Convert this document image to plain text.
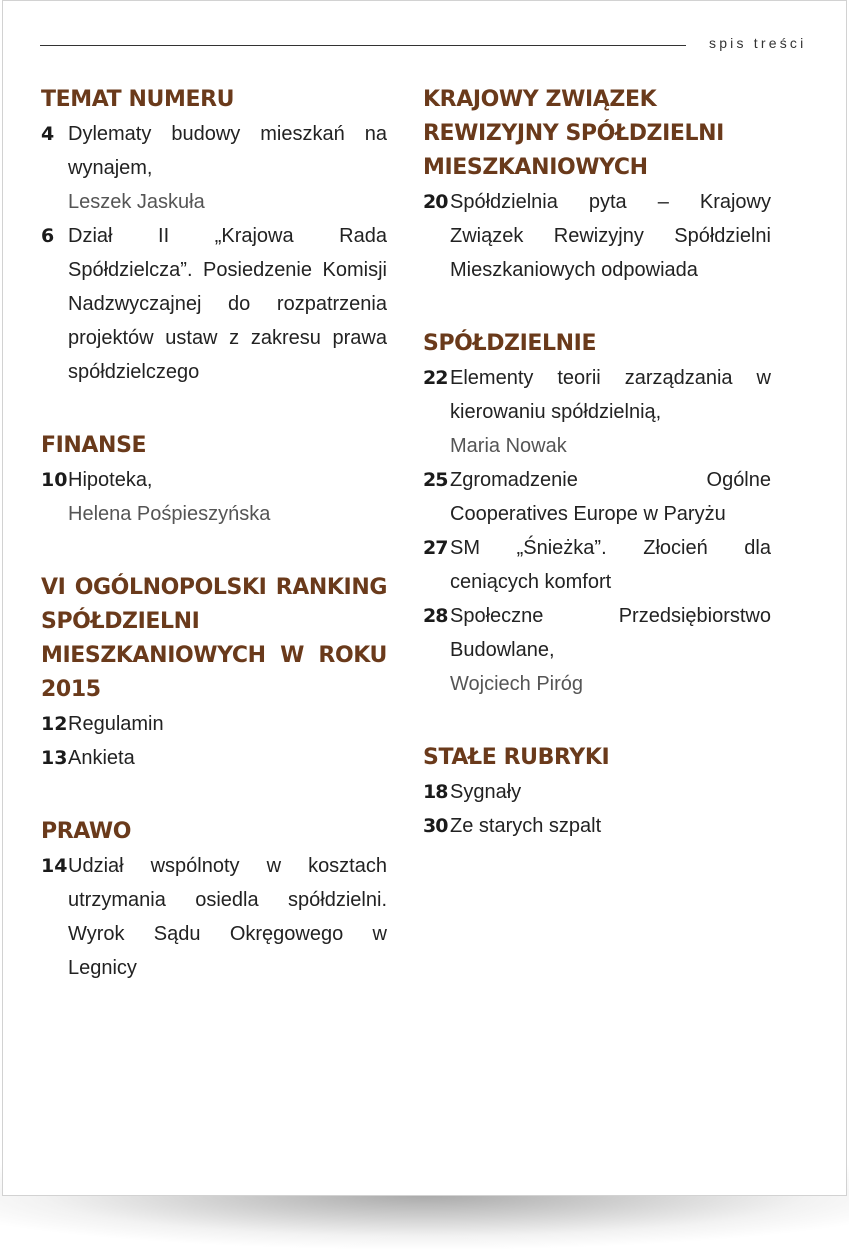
spis treści
TEMAT NUMERU
4 Dylematy budowy mieszkań na wynajem,
Leszek Jaskuła
6 Dział II „Krajowa Rada Spółdzielcza”. Posiedzenie Komisji Nadzwyczajnej do rozpatrzenia projektów ustaw z zakresu prawa spółdzielczego
FINANSE
10 Hipoteka,
Helena Pośpieszyńska
VI OGÓLNOPOLSKI RANKING SPÓŁDZIELNI MIESZKANIOWYCH W ROKU 2015
12 Regulamin
13 Ankieta
PRAWO
14 Udział wspólnoty w kosztach utrzymania osiedla spółdzielni. Wyrok Sądu Okręgowego w Legnicy
KRAJOWY ZWIĄZEK REWIZYJNY SPÓŁDZIELNI MIESZKANIOWYCH
20 Spółdzielnia pyta – Krajowy Związek Rewizyjny Spółdzielni Mieszkaniowych odpowiada
SPÓŁDZIELNIE
22 Elementy teorii zarządzania w kierowaniu spółdzielnią,
Maria Nowak
25 Zgromadzenie Ogólne Cooperatives Europe w Paryżu
27 SM „Śnieżka”. Złocień dla ceniących komfort
28 Społeczne Przedsiębiorstwo Budowlane,
Wojciech Piróg
STAŁE RUBRYKI
18 Sygnały
30 Ze starych szpalt
